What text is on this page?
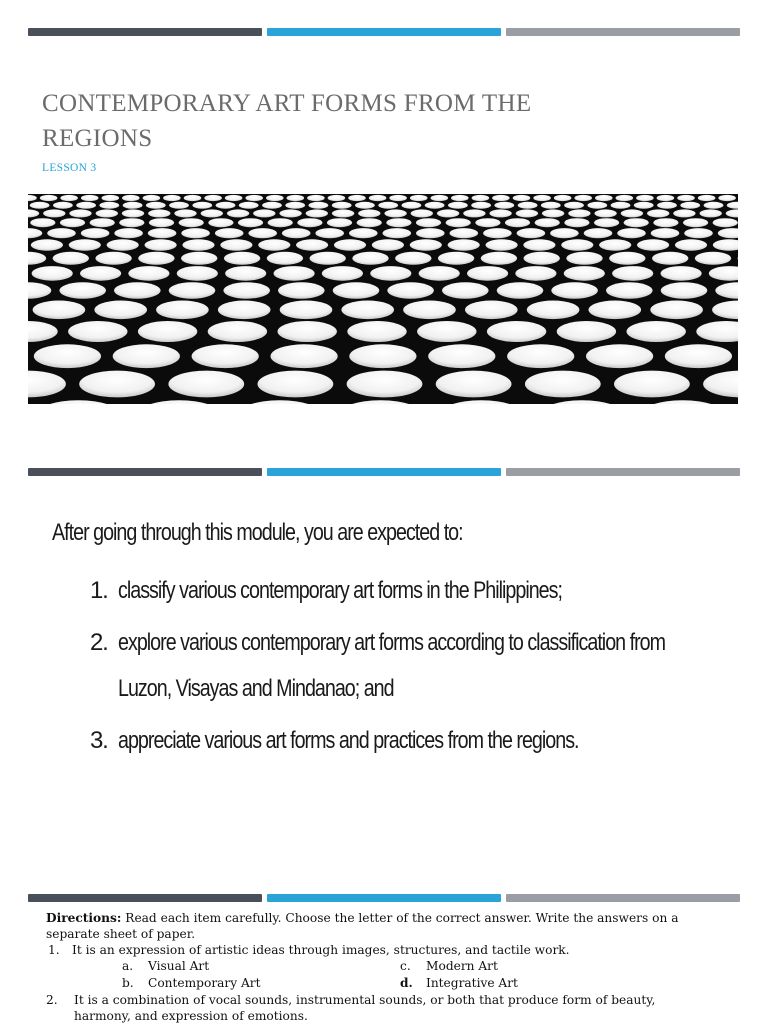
CONTEMPORARY ART FORMS FROM THE REGIONS
LESSON 3

After going through this module, you are expected to:

1. classify various contemporary art forms in the Philippines;
2. explore various contemporary art forms according to classification from Luzon, Visayas and Mindanao; and
3. appreciate various art forms and practices from the regions.
Directions: Read each item carefully. Choose the letter of the correct answer. Write the answers on a separate sheet of paper.
1. It is an expression of artistic ideas through images, structures, and tactile work.
a. Visual Art	c. Modern Art
b. Contemporary Art	d. Integrative Art
2. It is a combination of vocal sounds, instrumental sounds, or both that produce form of beauty, harmony, and expression of emotions.
